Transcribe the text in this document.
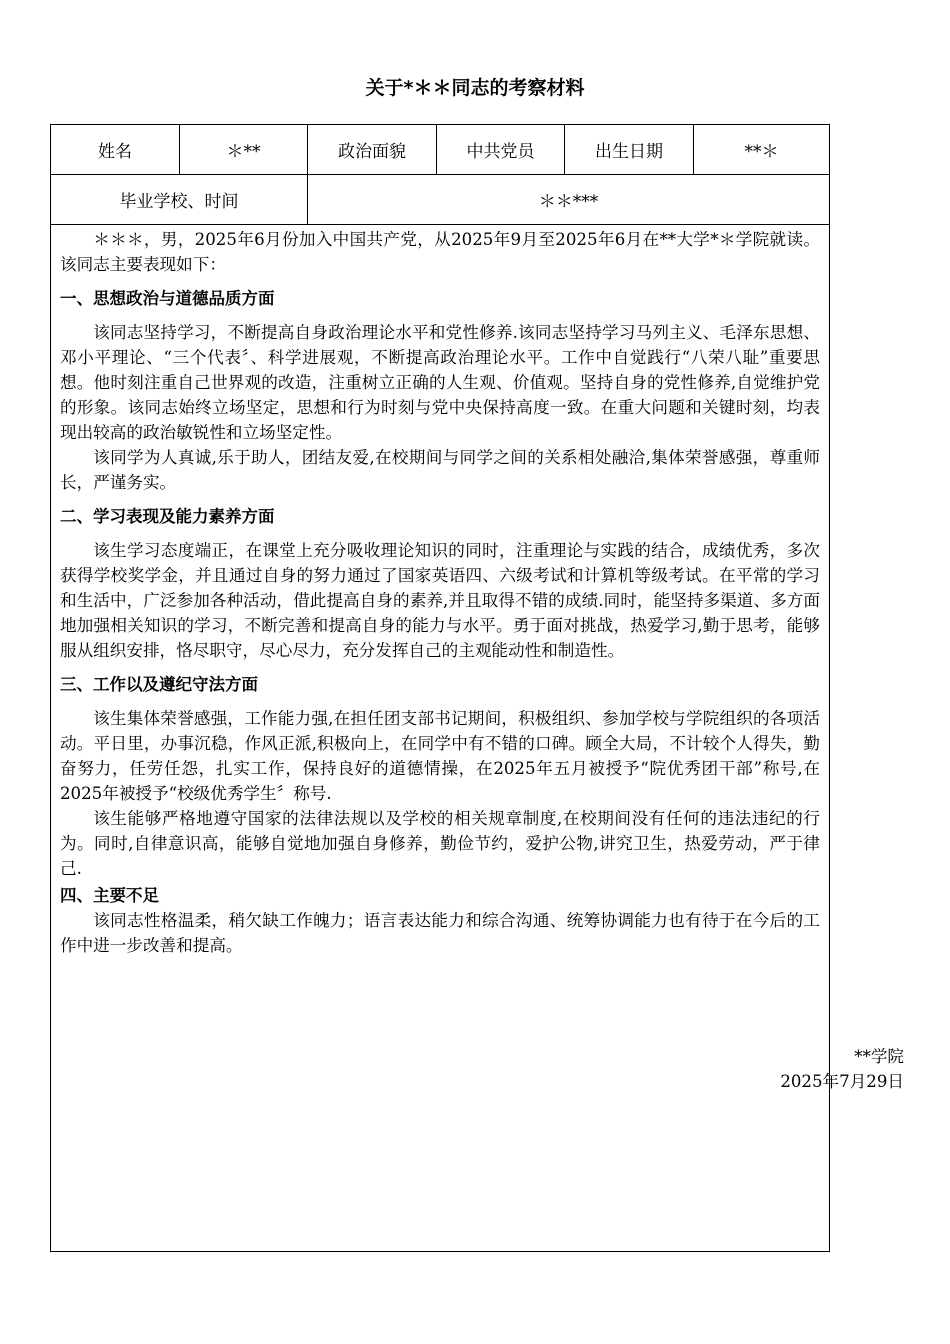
关于*＊＊同志的考察材料
姓名	＊**	政治面貌	中共党员	出生日期	**＊
毕业学校、时间		＊＊***			

＊＊＊，男，2025年6月份加入中国共产党，从2025年9月至2025年6月在**大学*＊学院就读。该同志主要表现如下：

一、思想政治与道德品质方面

该同志坚持学习，不断提高自身政治理论水平和党性修养.该同志坚持学习马列主义、毛泽东思想、邓小平理论、“三个代表〞、科学进展观，不断提高政治理论水平。工作中自觉践行“八荣八耻”重要思想。他时刻注重自己世界观的改造，注重树立正确的人生观、价值观。坚持自身的党性修养,自觉维护党的形象。该同志始终立场坚定，思想和行为时刻与党中央保持高度一致。在重大问题和关键时刻，均表现出较高的政治敏锐性和立场坚定性。

该同学为人真诚,乐于助人，团结友爱,在校期间与同学之间的关系相处融洽,集体荣誉感强，尊重师长，严谨务实。

二、学习表现及能力素养方面

该生学习态度端正，在课堂上充分吸收理论知识的同时，注重理论与实践的结合，成绩优秀，多次获得学校奖学金，并且通过自身的努力通过了国家英语四、六级考试和计算机等级考试。在平常的学习和生活中，广泛参加各种活动，借此提高自身的素养,并且取得不错的成绩.同时，能坚持多渠道、多方面地加强相关知识的学习，不断完善和提高自身的能力与水平。勇于面对挑战，热爱学习,勤于思考，能够服从组织安排，恪尽职守，尽心尽力，充分发挥自己的主观能动性和制造性。

三、工作以及遵纪守法方面

该生集体荣誉感强，工作能力强,在担任团支部书记期间，积极组织、参加学校与学院组织的各项活动。平日里，办事沉稳，作风正派,积极向上，在同学中有不错的口碑。顾全大局，不计较个人得失，勤奋努力，任劳任怨，扎实工作，保持良好的道德情操，在2025年五月被授予“院优秀团干部”称号,在2025年被授予“校级优秀学生〞称号.

该生能够严格地遵守国家的法律法规以及学校的相关规章制度,在校期间没有任何的违法违纪的行为。同时,自律意识高，能够自觉地加强自身修养，勤俭节约，爱护公物,讲究卫生，热爱劳动，严于律己.

四、主要不足

该同志性格温柔，稍欠缺工作魄力；语言表达能力和综合沟通、统筹协调能力也有待于在今后的工作中进一步改善和提高。

**学院
2025年7月29日
